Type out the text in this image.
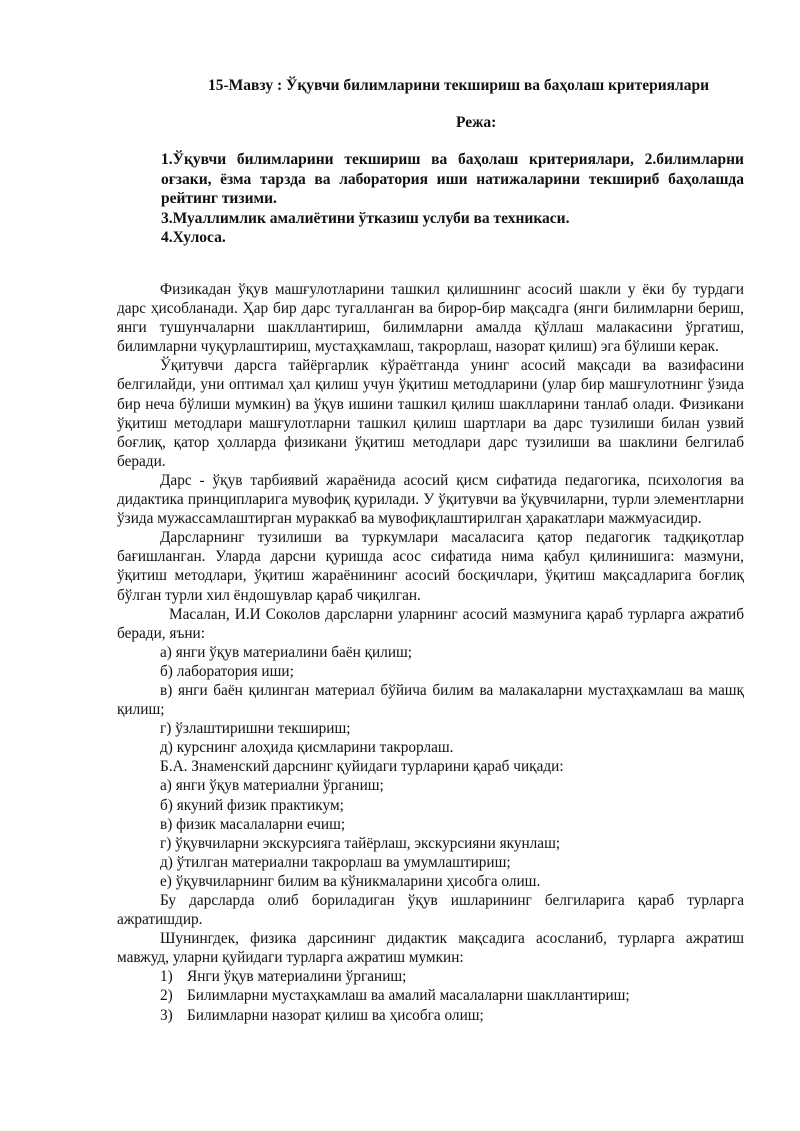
15-Мавзу : Ўқувчи билимларини текшириш ва баҳолаш критериялари
Режа:

1.Ўқувчи билимларини текшириш ва баҳолаш критериялари, 2.билимларни оғзаки, ёзма тарзда ва лаборатория иши натижаларини текшириб баҳолашда рейтинг тизими.

3.Муаллимлик амалиётини ўтказиш услуби ва техникаси.

4.Хулоса.

Физикадан ўқув машғулотларини ташкил қилишнинг асосий шакли у ёки бу турдаги дарс ҳисобланади. Ҳар бир дарс тугалланган ва бирор-бир мақсадга (янги билимларни бериш, янги тушунчаларни шакллантириш, билимларни амалда қўллаш малакасини ўргатиш, билимларни чуқурлаштириш, мустаҳкамлаш, такрорлаш, назорат қилиш) эга бўлиши керак.

Ўқитувчи дарсга тайёргарлик кўраётганда унинг асосий мақсади ва вазифасини белгилайди, уни оптимал ҳал қилиш учун ўқитиш методларини (улар бир машғулотнинг ўзида бир неча бўлиши мумкин) ва ўқув ишини ташкил қилиш шаклларини танлаб олади. Физикани ўқитиш методлари машғулотларни ташкил қилиш шартлари ва дарс тузилиши билан узвий боғлиқ, қатор ҳолларда физикани ўқитиш методлари дарс тузилиши ва шаклини белгилаб беради.

Дарс - ўқув тарбиявий жараёнида асосий қисм сифатида педагогика, психология ва дидактика принципларига мувофиқ қурилади. У ўқитувчи ва ўқувчиларни, турли элементларни ўзида мужассамлаштирган мураккаб ва мувофиқлаштирилган ҳаракатлари мажмуасидир.

Дарсларнинг тузилиши ва туркумлари масаласига қатор педагогик тадқиқотлар бағишланган. Уларда дарсни қуришда асос сифатида нима қабул қилинишига: мазмуни, ўқитиш методлари, ўқитиш жараёнининг асосий босқичлари, ўқитиш мақсадларига боғлиқ бўлган турли хил ёндошувлар қараб чиқилган.

Масалан, И.И Соколов дарсларни уларнинг асосий мазмунига қараб турларга ажратиб беради, яъни:

а) янги ўқув материалини баён қилиш;

б) лаборатория иши;

в) янги баён қилинган материал бўйича билим ва малакаларни мустаҳкамлаш ва машқ қилиш;

г) ўзлаштиришни текшириш;

д) курснинг алоҳида қисмларини такрорлаш.

Б.А. Знаменский дарснинг қуйидаги турларини қараб чиқади:

а) янги ўқув материални ўрганиш;

б) якуний физик практикум;

в) физик масалаларни ечиш;

г) ўқувчиларни экскурсияга тайёрлаш, экскурсияни якунлаш;

д) ўтилган материални такрорлаш ва умумлаштириш;

е) ўқувчиларнинг билим ва кўникмаларини ҳисобга олиш.

Бу дарсларда олиб бориладиган ўқув ишларининг белгиларига қараб турларга ажратишдир.

Шунингдек, физика дарсининг дидактик мақсадига асосланиб, турларга ажратиш мавжуд, уларни қуйидаги турларга ажратиш мумкин:

1) Янги ўқув материалини ўрганиш;
2) Билимларни мустаҳкамлаш ва амалий масалаларни шакллантириш;
3) Билимларни назорат қилиш ва ҳисобга олиш;
